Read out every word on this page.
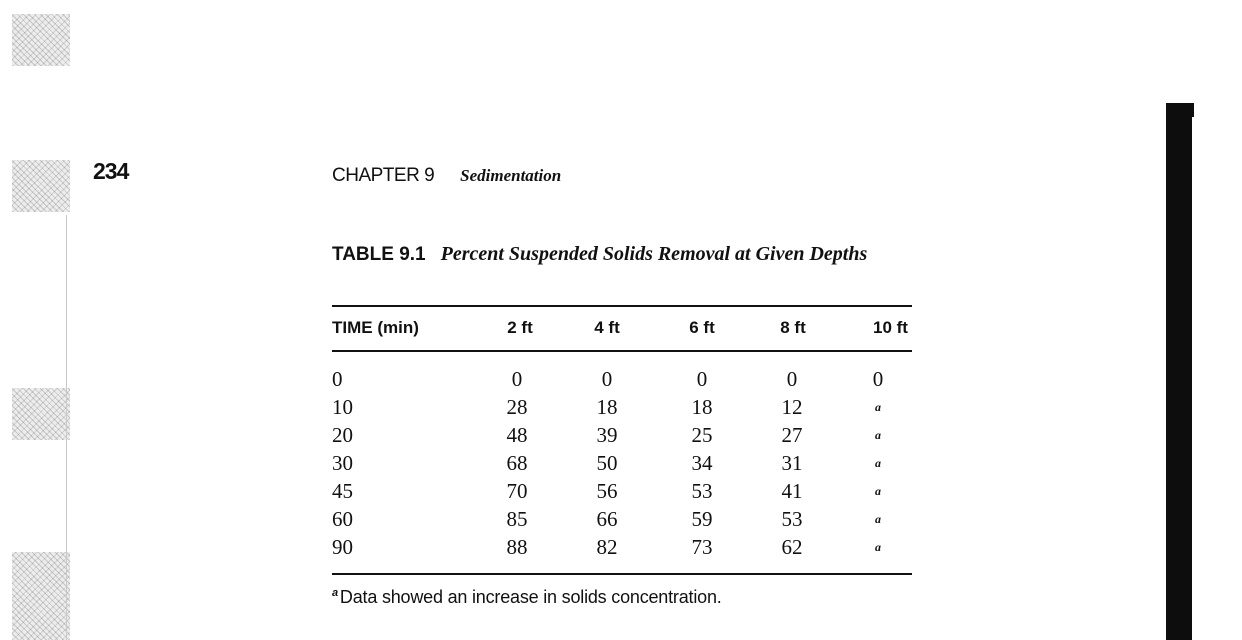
234	CHAPTER 9 Sedimentation
TABLE 9.1 Percent Suspended Solids Removal at Given Depths
TIME (min)	2 ft	4 ft	6 ft	8 ft	10 ft
0	0	0	0	0	0
10	28	18	18	12	a
20	48	39	25	27	a
30	68	50	34	31	a
45	70	56	53	41	a
60	85	66	59	53	a
90	88	82	73	62	a
$^a$ Data showed an increase in solids concentration.
